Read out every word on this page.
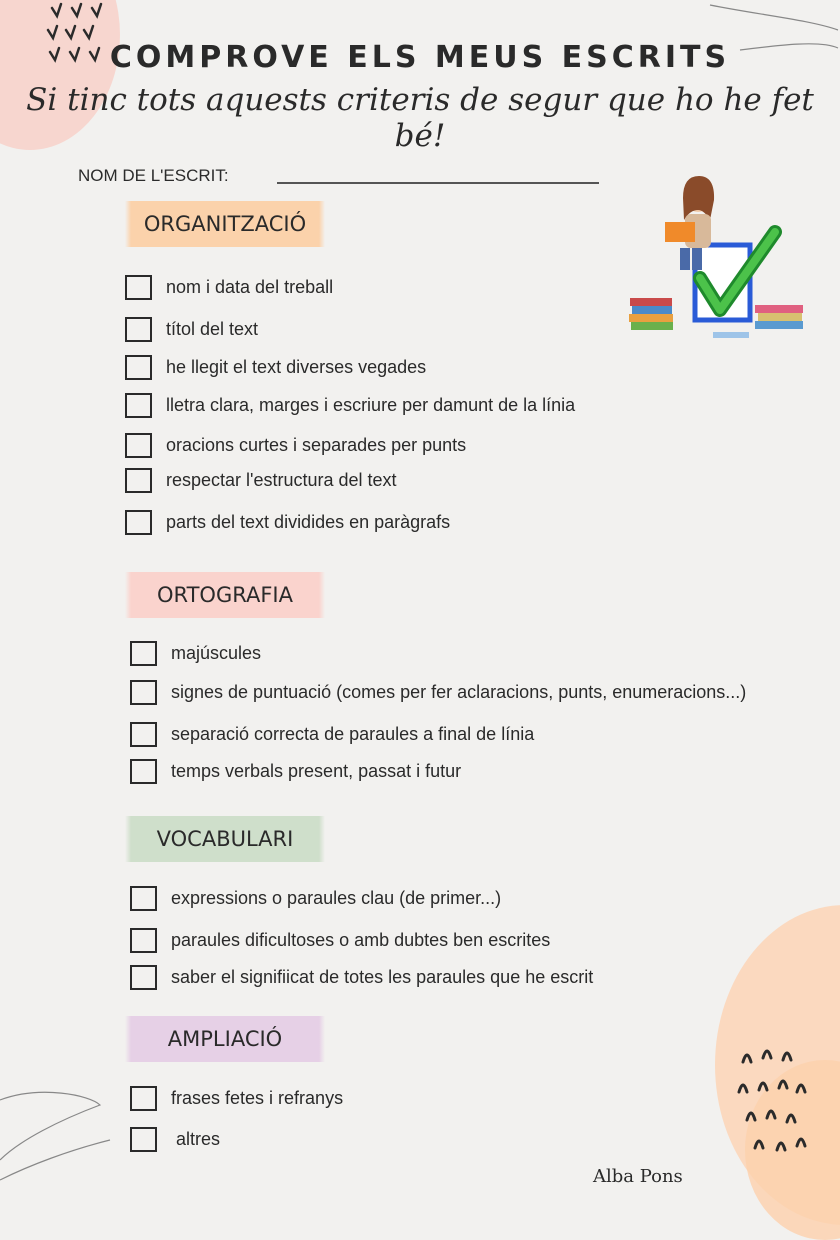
COMPROVE ELS MEUS ESCRITS
Si tinc tots aquests criteris de segur que ho he fet bé!
NOM DE L'ESCRIT:
ORGANITZACIÓ
nom i data del treball
títol del text
he llegit el text diverses vegades
lletra clara, marges i escriure per damunt de la línia
oracions curtes i separades per punts
respectar l'estructura del text
parts del text dividides en paràgrafs
ORTOGRAFIA
majúscules
signes de puntuació (comes per fer aclaracions, punts, enumeracions...)
separació correcta de paraules a final de línia
temps verbals present, passat i futur
VOCABULARI
expressions o paraules clau (de primer...)
paraules dificultoses o amb dubtes ben escrites
saber el signifiicat de totes les paraules que he escrit
AMPLIACIÓ
frases fetes i refranys
altres
Alba Pons
